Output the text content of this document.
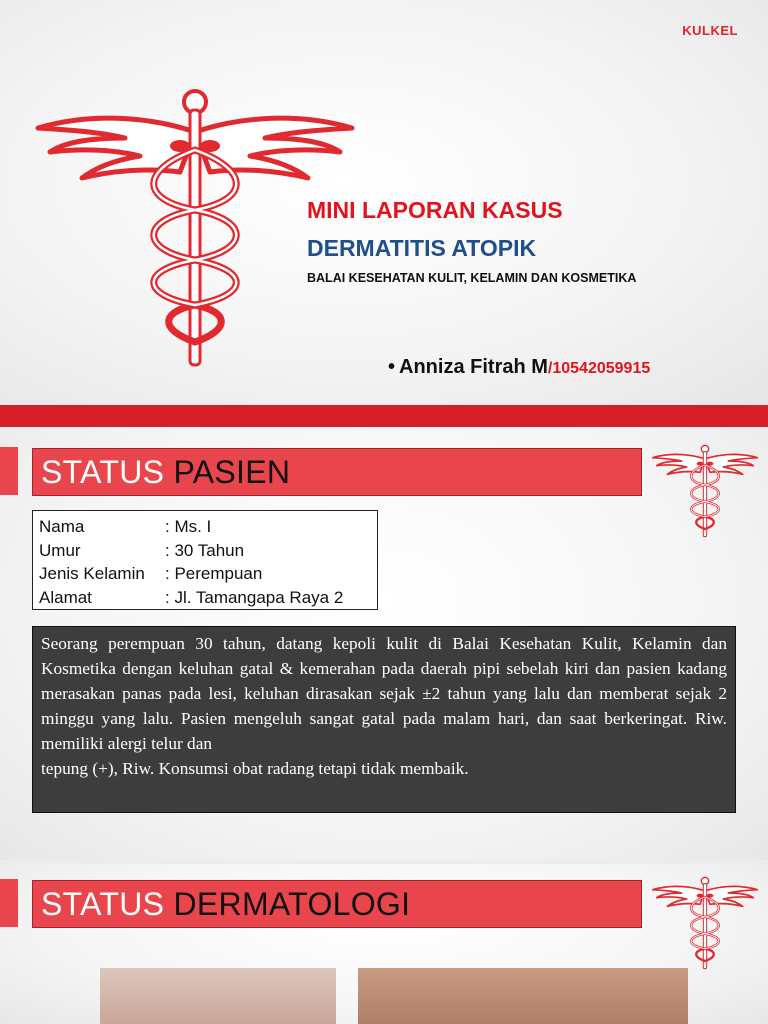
KULKEL
MINI LAPORAN KASUS
DERMATITIS ATOPIK
BALAI KESEHATAN KULIT, KELAMIN DAN KOSMETIKA
• Anniza Fitrah M/10542059915
STATUS PASIEN
Nama	: Ms. I
Umur	: 30 Tahun
Jenis Kelamin	: Perempuan
Alamat	: Jl. Tamangapa Raya 2
Seorang perempuan 30 tahun, datang kepoli kulit di Balai Kesehatan Kulit, Kelamin dan Kosmetika dengan keluhan gatal & kemerahan pada daerah pipi sebelah kiri dan pasien kadang merasakan panas pada lesi, keluhan dirasakan sejak ±2 tahun yang lalu dan memberat sejak 2 minggu yang lalu. Pasien mengeluh sangat gatal pada malam hari, dan saat berkeringat. Riw. memiliki alergi telur dan
tepung (+), Riw. Konsumsi obat radang tetapi tidak membaik.
STATUS DERMATOLOGI
